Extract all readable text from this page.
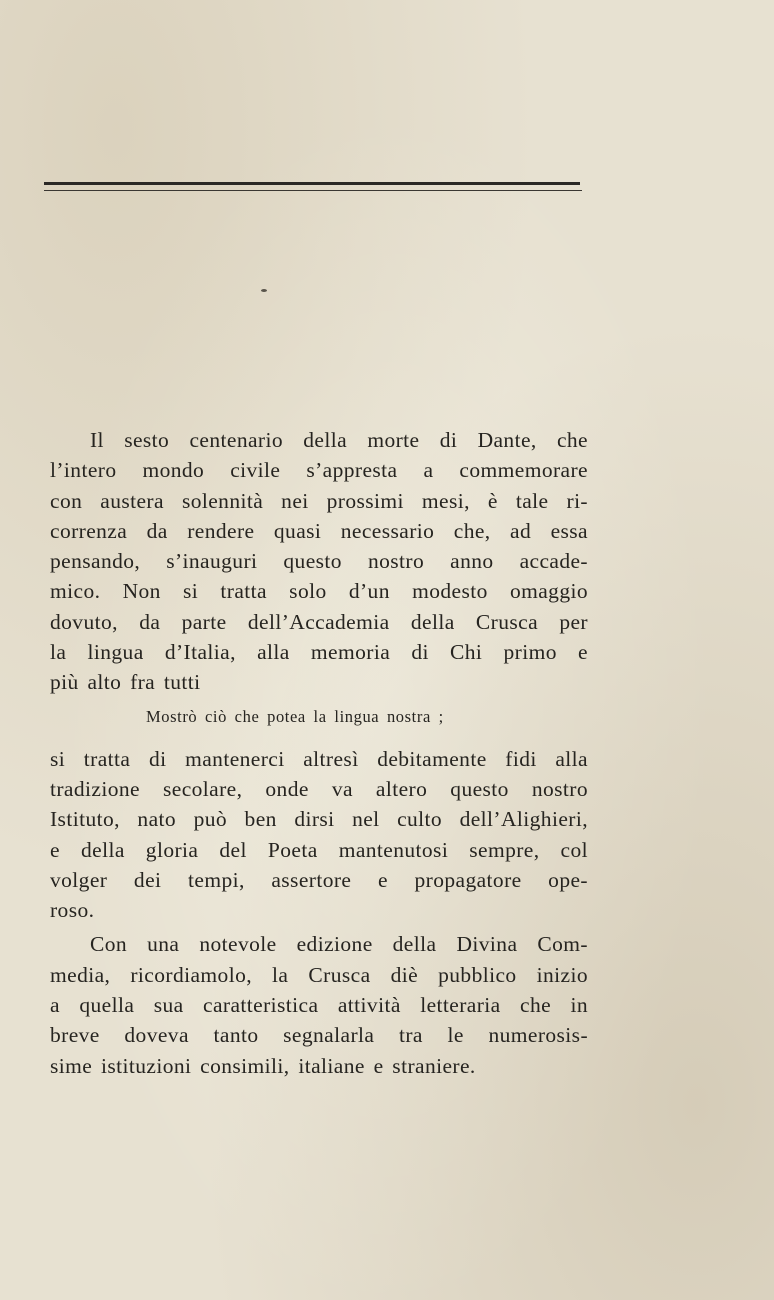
Il sesto centenario della morte di Dante, che
l’intero mondo civile s’appresta a commemorare
con austera solennità nei prossimi mesi, è tale ri-
correnza da rendere quasi necessario che, ad essa
pensando, s’inauguri questo nostro anno accade-
mico. Non si tratta solo d’un modesto omaggio
dovuto, da parte dell’Accademia della Crusca per
la lingua d’Italia, alla memoria di Chi primo e
più alto fra tutti
Mostrò ciò che potea la lingua nostra ;
si tratta di mantenerci altresì debitamente fidi alla
tradizione secolare, onde va altero questo nostro
Istituto, nato può ben dirsi nel culto dell’Alighieri,
e della gloria del Poeta mantenutosi sempre, col
volger dei tempi, assertore e propagatore ope-
roso.
Con una notevole edizione della Divina Com-
media, ricordiamolo, la Crusca diè pubblico inizio
a quella sua caratteristica attività letteraria che in
breve doveva tanto segnalarla tra le numerosis-
sime istituzioni consimili, italiane e straniere.
